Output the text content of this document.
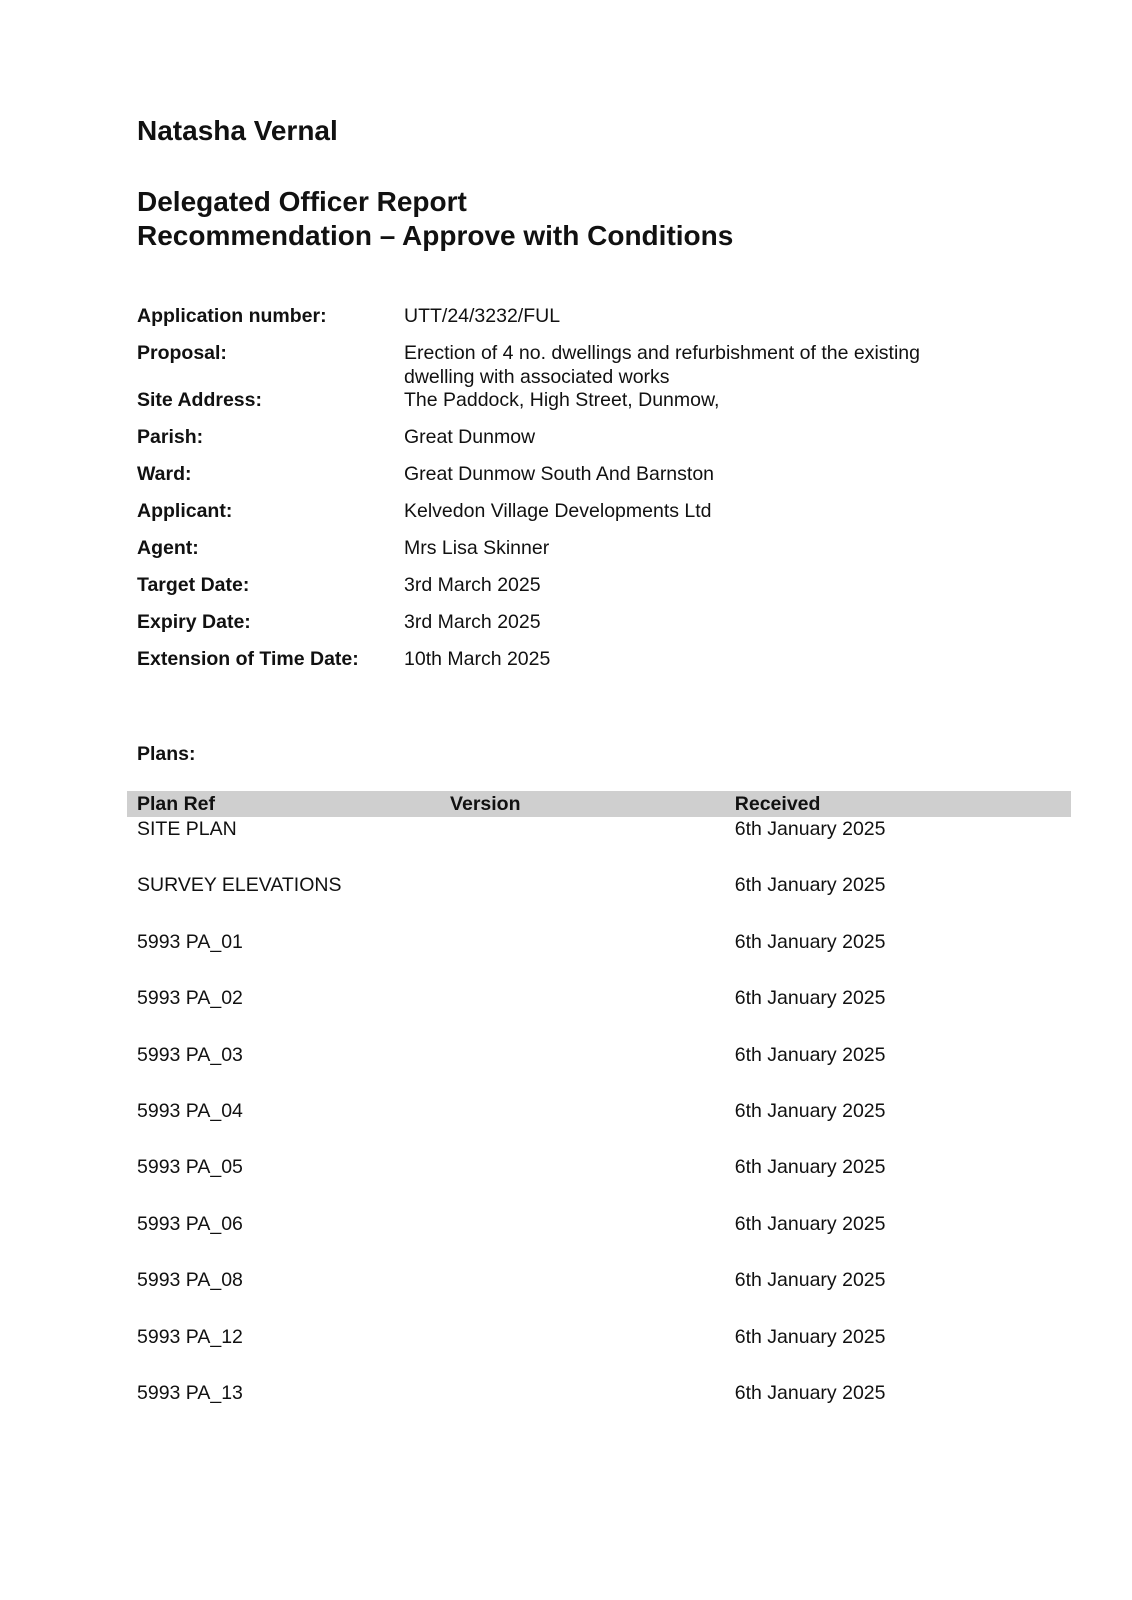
Natasha Vernal
Delegated Officer Report
Recommendation – Approve with Conditions
Application number:	UTT/24/3232/FUL
Proposal:	Erection of 4 no. dwellings and refurbishment of the existing dwelling with associated works
Site Address:	The Paddock, High Street, Dunmow,
Parish:	Great Dunmow
Ward:	Great Dunmow South And Barnston
Applicant:	Kelvedon Village Developments Ltd
Agent:	Mrs Lisa Skinner
Target Date:	3rd March 2025
Expiry Date:	3rd March 2025
Extension of Time Date:	10th March 2025
Plans:
Plan Ref	Version	Received
SITE PLAN		6th January 2025
SURVEY ELEVATIONS		6th January 2025
5993 PA_01		6th January 2025
5993 PA_02		6th January 2025
5993 PA_03		6th January 2025
5993 PA_04		6th January 2025
5993 PA_05		6th January 2025
5993 PA_06		6th January 2025
5993 PA_08		6th January 2025
5993 PA_12		6th January 2025
5993 PA_13		6th January 2025
